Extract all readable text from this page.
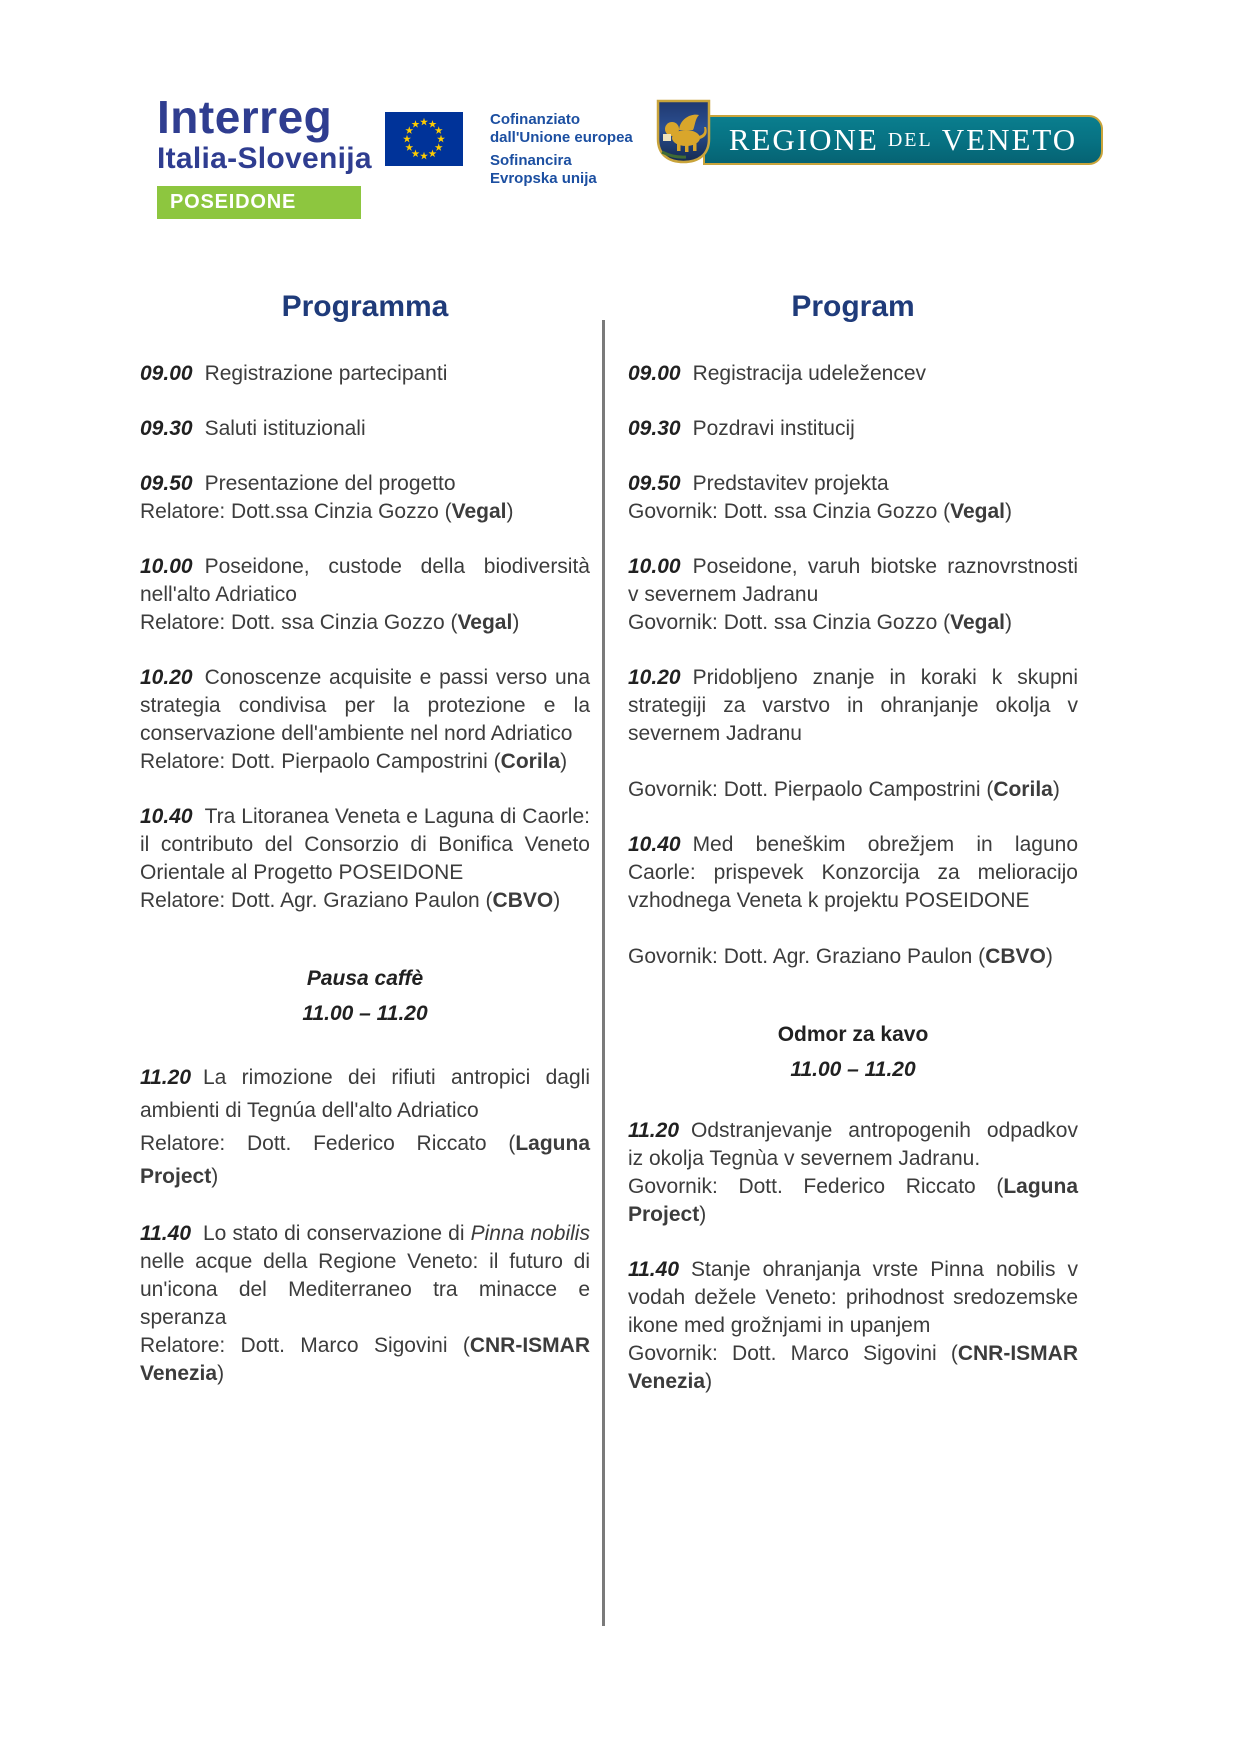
Interreg
Italia-Slovenija
POSEIDONE
Cofinanziato
dall'Unione europea
Sofinancira
Evropska unija
REGIONE DEL VENETO
Programma
09.00 Registrazione partecipanti
09.30 Saluti istituzionali
09.50 Presentazione del progetto
Relatore: Dott.ssa Cinzia Gozzo (Vegal)
10.00 Poseidone, custode della biodiversità nell'alto Adriatico
Relatore: Dott. ssa Cinzia Gozzo (Vegal)
10.20 Conoscenze acquisite e passi verso una strategia condivisa per la protezione e la conservazione dell'ambiente nel nord Adriatico
Relatore: Dott. Pierpaolo Campostrini (Corila)
10.40 Tra Litoranea Veneta e Laguna di Caorle: il contributo del Consorzio di Bonifica Veneto Orientale al Progetto POSEIDONE
Relatore: Dott. Agr. Graziano Paulon (CBVO)
Pausa caffè
11.00 – 11.20
11.20 La rimozione dei rifiuti antropici dagli ambienti di Tegnúa dell'alto Adriatico
Relatore: Dott. Federico Riccato (Laguna Project)
11.40 Lo stato di conservazione di Pinna nobilis nelle acque della Regione Veneto: il futuro di un'icona del Mediterraneo tra minacce e speranza
Relatore: Dott. Marco Sigovini (CNR-ISMAR Venezia)
Program
09.00 Registracija udeležencev
09.30 Pozdravi institucij
09.50 Predstavitev projekta
Govornik: Dott. ssa Cinzia Gozzo (Vegal)
10.00 Poseidone, varuh biotske raznovrstnosti v severnem Jadranu
Govornik: Dott. ssa Cinzia Gozzo (Vegal)
10.20 Pridobljeno znanje in koraki k skupni strategiji za varstvo in ohranjanje okolja v severnem Jadranu
Govornik: Dott. Pierpaolo Campostrini (Corila)
10.40 Med beneškim obrežjem in laguno Caorle: prispevek Konzorcija za melioracijo vzhodnega Veneta k projektu POSEIDONE
Govornik: Dott. Agr. Graziano Paulon (CBVO)
Odmor za kavo
11.00 – 11.20
11.20 Odstranjevanje antropogenih odpadkov iz okolja Tegnùa v severnem Jadranu.
Govornik: Dott. Federico Riccato (Laguna Project)
11.40 Stanje ohranjanja vrste Pinna nobilis v vodah dežele Veneto: prihodnost sredozemske ikone med grožnjami in upanjem
Govornik: Dott. Marco Sigovini (CNR-ISMAR Venezia)
